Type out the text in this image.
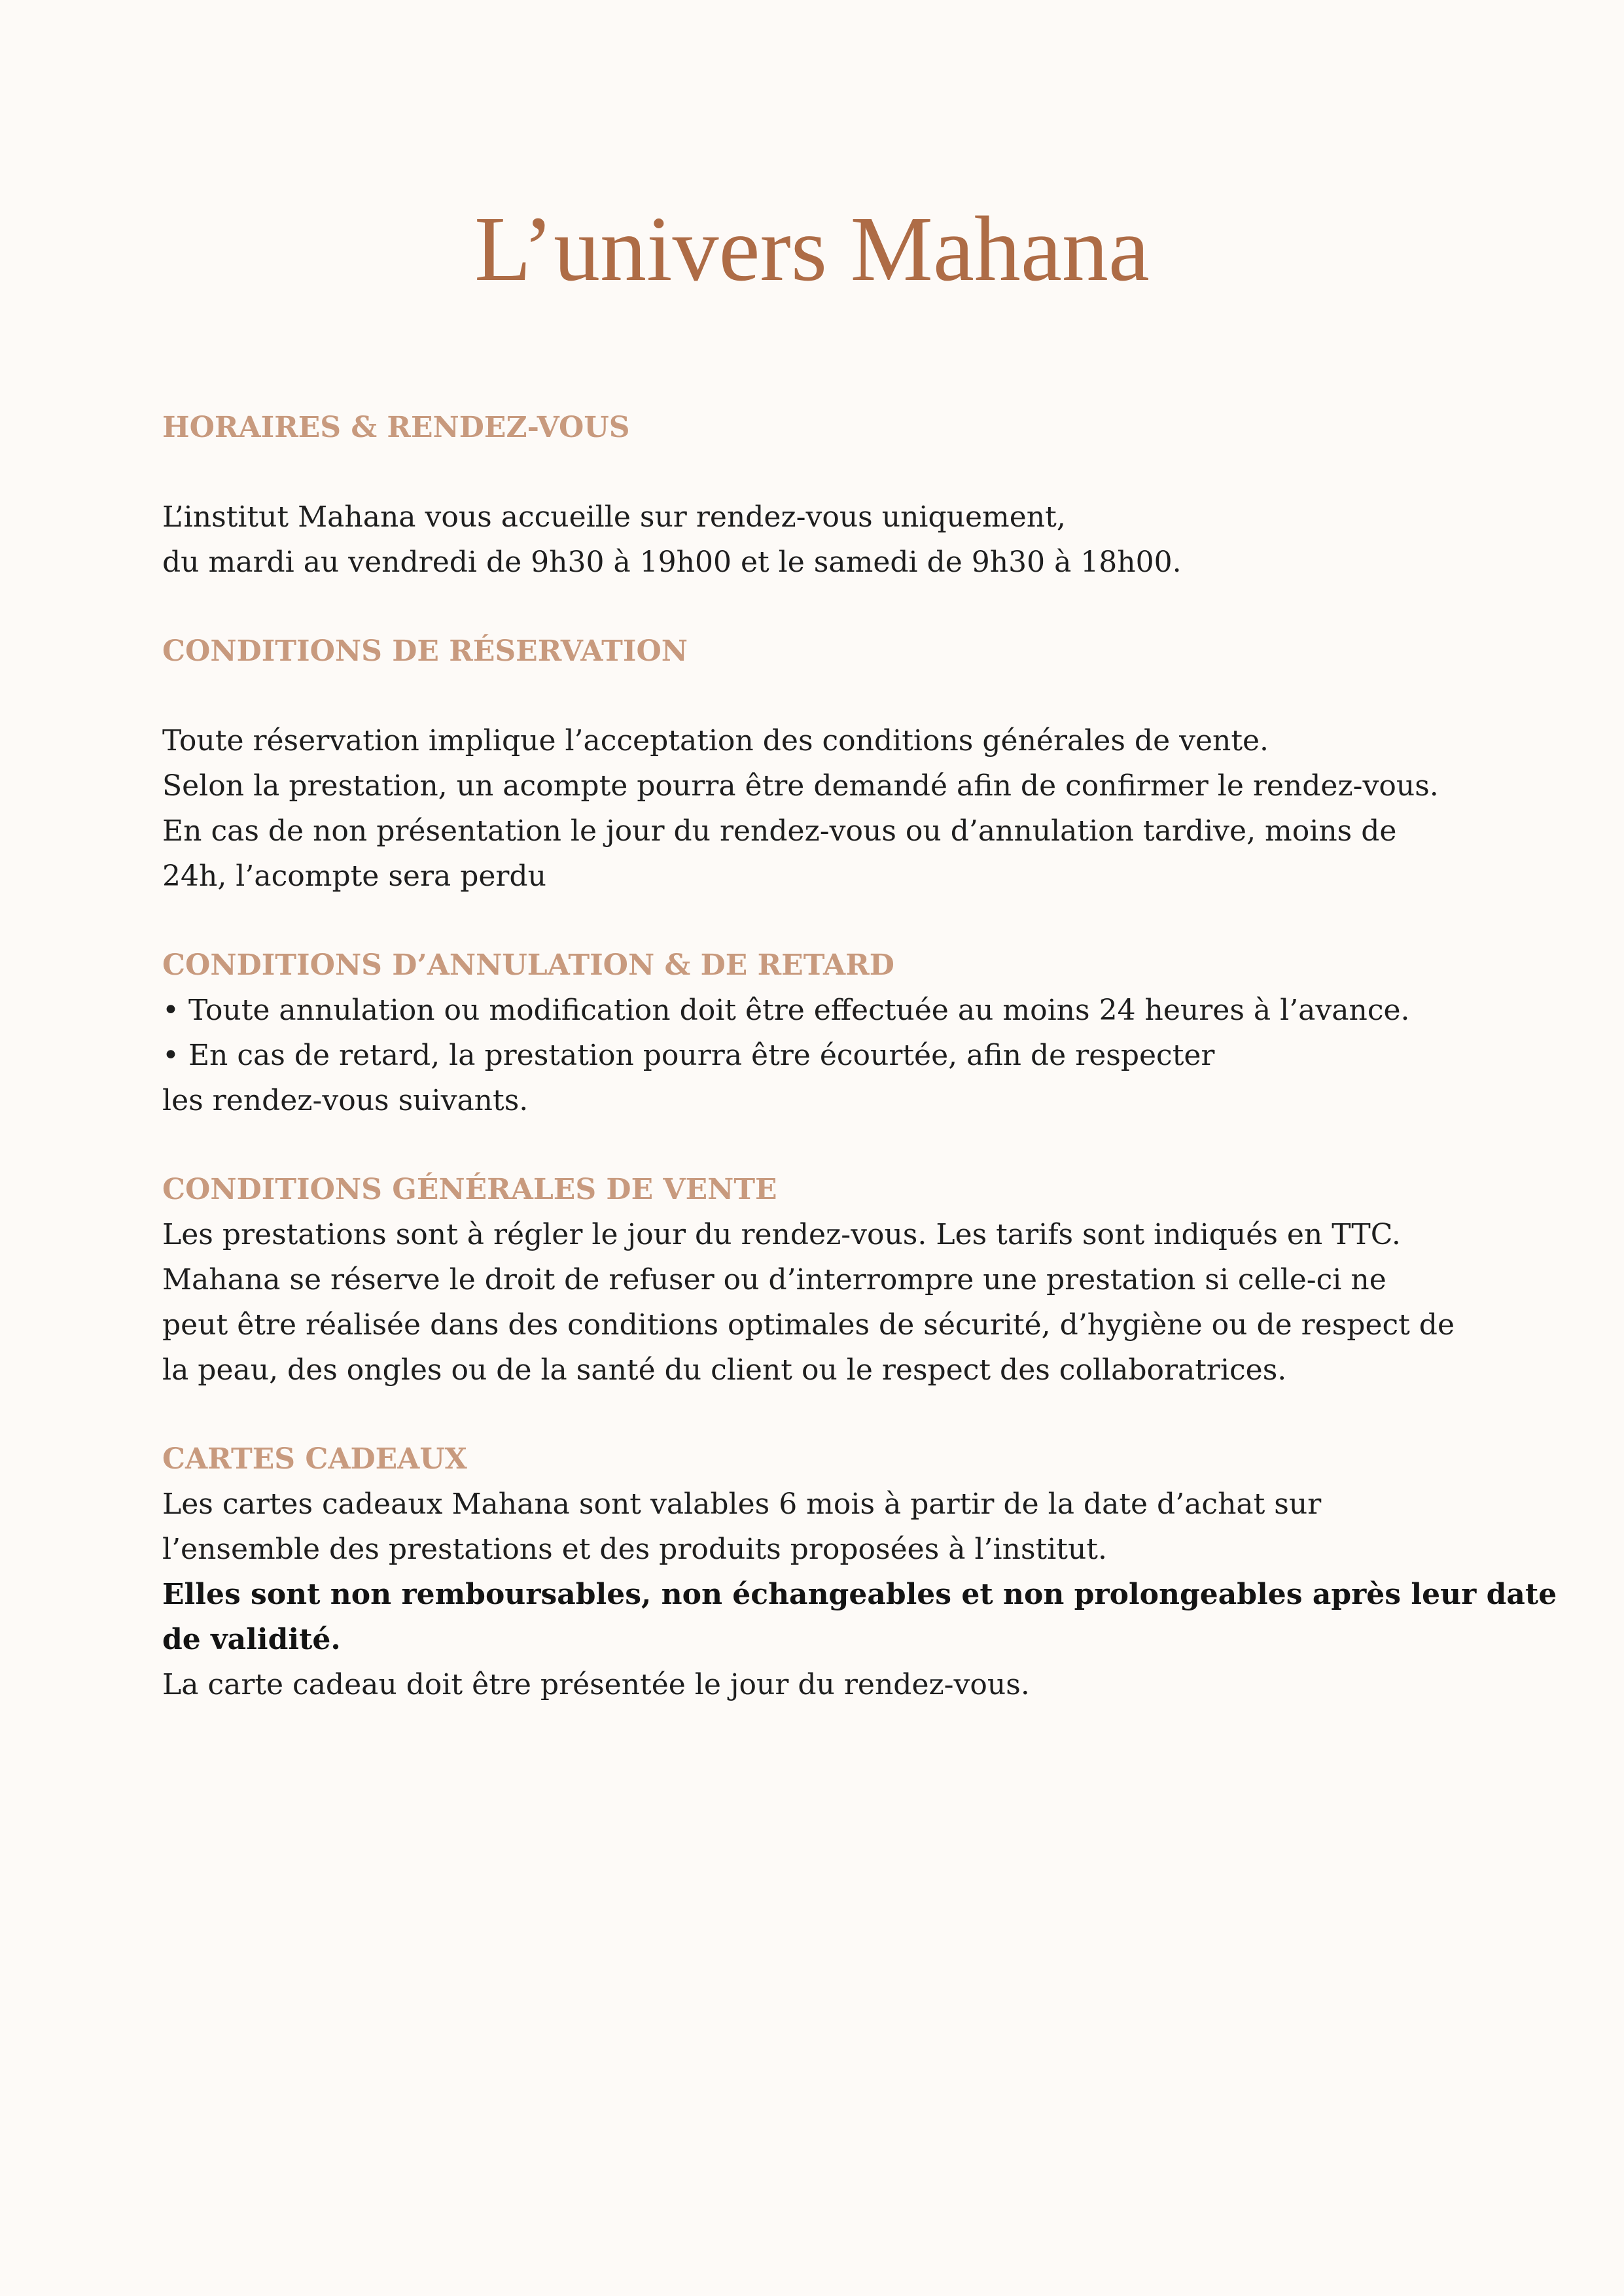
L’univers Mahana
HORAIRES & RENDEZ-VOUS

L’institut Mahana vous accueille sur rendez-vous uniquement,

du mardi au vendredi de 9h30 à 19h00 et le samedi de 9h30 à 18h00.

CONDITIONS DE RÉSERVATION

Toute réservation implique l’acceptation des conditions générales de vente.

Selon la prestation, un acompte pourra être demandé afin de confirmer le rendez-vous.

En cas de non présentation le jour du rendez-vous ou d’annulation tardive, moins de

24h, l’acompte sera perdu

CONDITIONS D’ANNULATION & DE RETARD

• Toute annulation ou modification doit être effectuée au moins 24 heures à l’avance.

• En cas de retard, la prestation pourra être écourtée, afin de respecter

les rendez-vous suivants.

CONDITIONS GÉNÉRALES DE VENTE

Les prestations sont à régler le jour du rendez-vous. Les tarifs sont indiqués en TTC.

Mahana se réserve le droit de refuser ou d’interrompre une prestation si celle-ci ne

peut être réalisée dans des conditions optimales de sécurité, d’hygiène ou de respect de

la peau, des ongles ou de la santé du client ou le respect des collaboratrices.

CARTES CADEAUX

Les cartes cadeaux Mahana sont valables 6 mois à partir de la date d’achat sur

l’ensemble des prestations et des produits proposées à l’institut.

Elles sont non remboursables, non échangeables et non prolongeables après leur date

de validité.

La carte cadeau doit être présentée le jour du rendez-vous.
